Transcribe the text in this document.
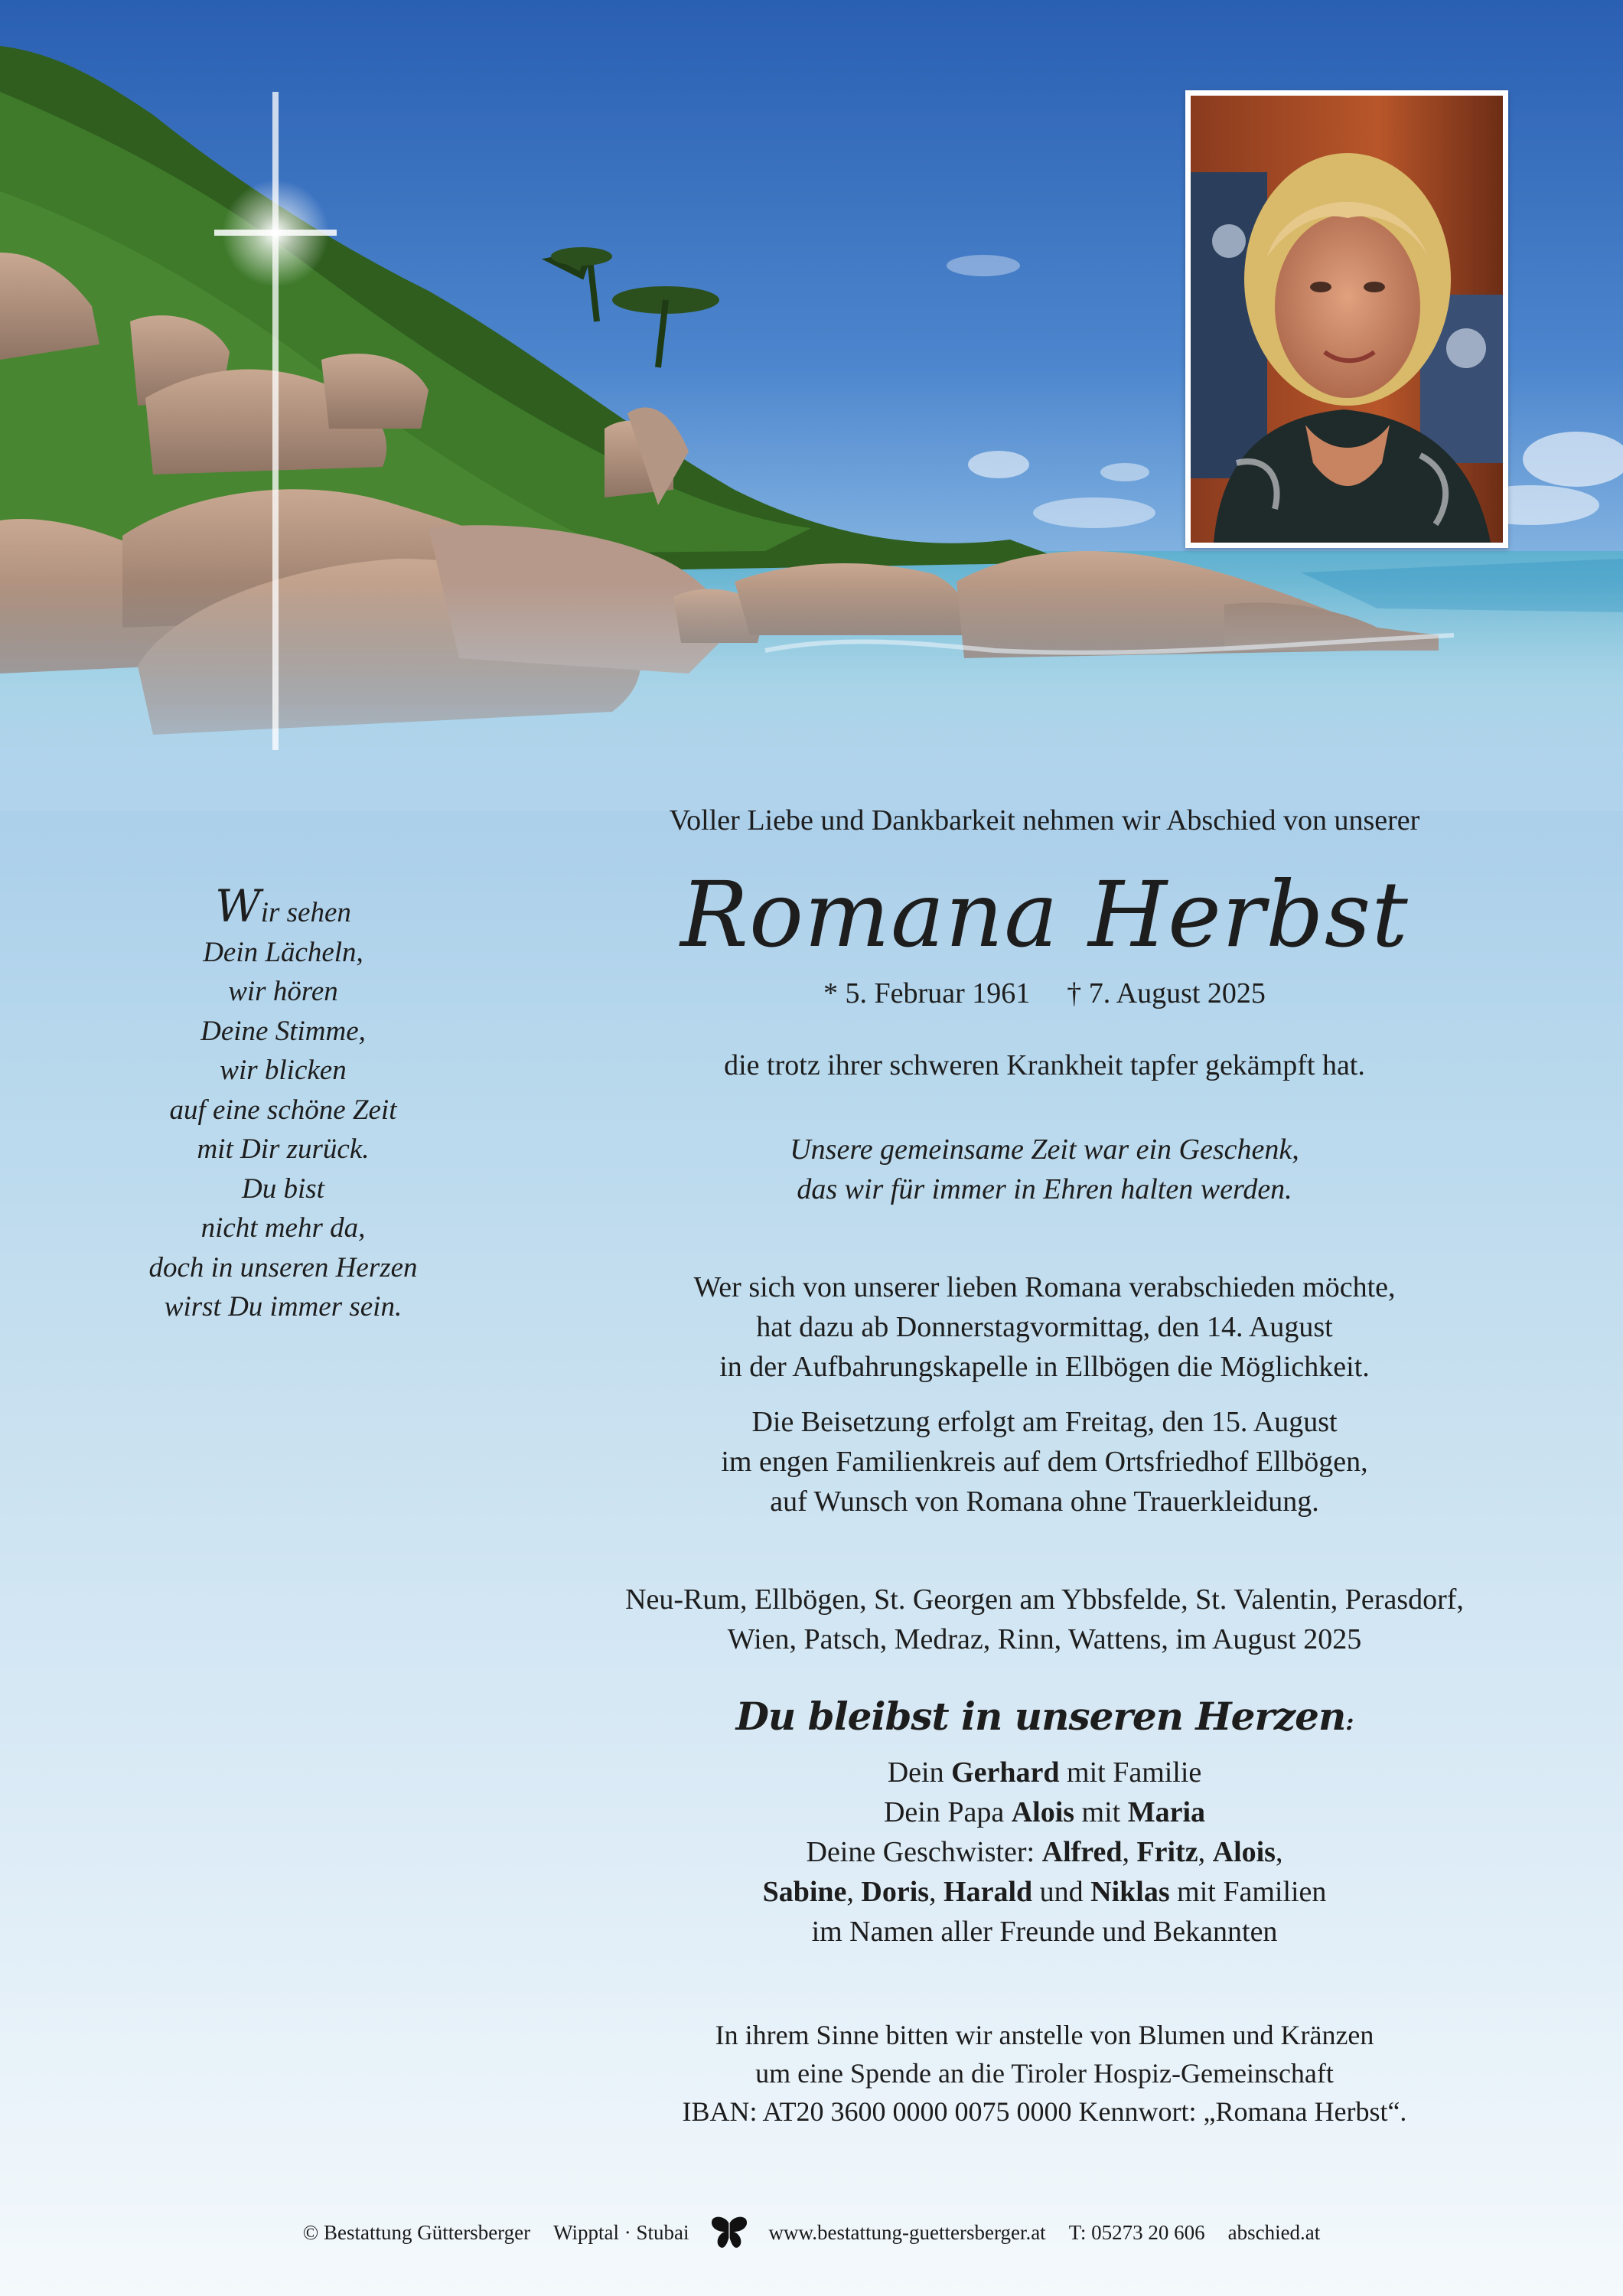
Voller Liebe und Dankbarkeit nehmen wir Abschied von unserer
Romana Herbst
* 5. Februar 1961 † 7. August 2025
die trotz ihrer schweren Krankheit tapfer gekämpft hat.
Unsere gemeinsame Zeit war ein Geschenk,
das wir für immer in Ehren halten werden.
Wer sich von unserer lieben Romana verabschieden möchte,
hat dazu ab Donnerstagvormittag, den 14. August
in der Aufbahrungskapelle in Ellbögen die Möglichkeit.
Die Beisetzung erfolgt am Freitag, den 15. August
im engen Familienkreis auf dem Ortsfriedhof Ellbögen,
auf Wunsch von Romana ohne Trauerkleidung.
Neu-Rum, Ellbögen, St. Georgen am Ybbsfelde, St. Valentin, Perasdorf,
Wien, Patsch, Medraz, Rinn, Wattens, im August 2025
Du bleibst in unseren Herzen:
Dein Gerhard mit Familie
Dein Papa Alois mit Maria
Deine Geschwister: Alfred, Fritz, Alois,
Sabine, Doris, Harald und Niklas mit Familien
im Namen aller Freunde und Bekannten
In ihrem Sinne bitten wir anstelle von Blumen und Kränzen
um eine Spende an die Tiroler Hospiz-Gemeinschaft
IBAN: AT20 3600 0000 0075 0000 Kennwort: „Romana Herbst“.
Wir sehen
Dein Lächeln,
wir hören
Deine Stimme,
wir blicken
auf eine schöne Zeit
mit Dir zurück.
Du bist
nicht mehr da,
doch in unseren Herzen
wirst Du immer sein.
© Bestattung Güttersberger Wipptal · Stubai	www.bestattung-guettersberger.at T: 05273 20 606 abschied.at
